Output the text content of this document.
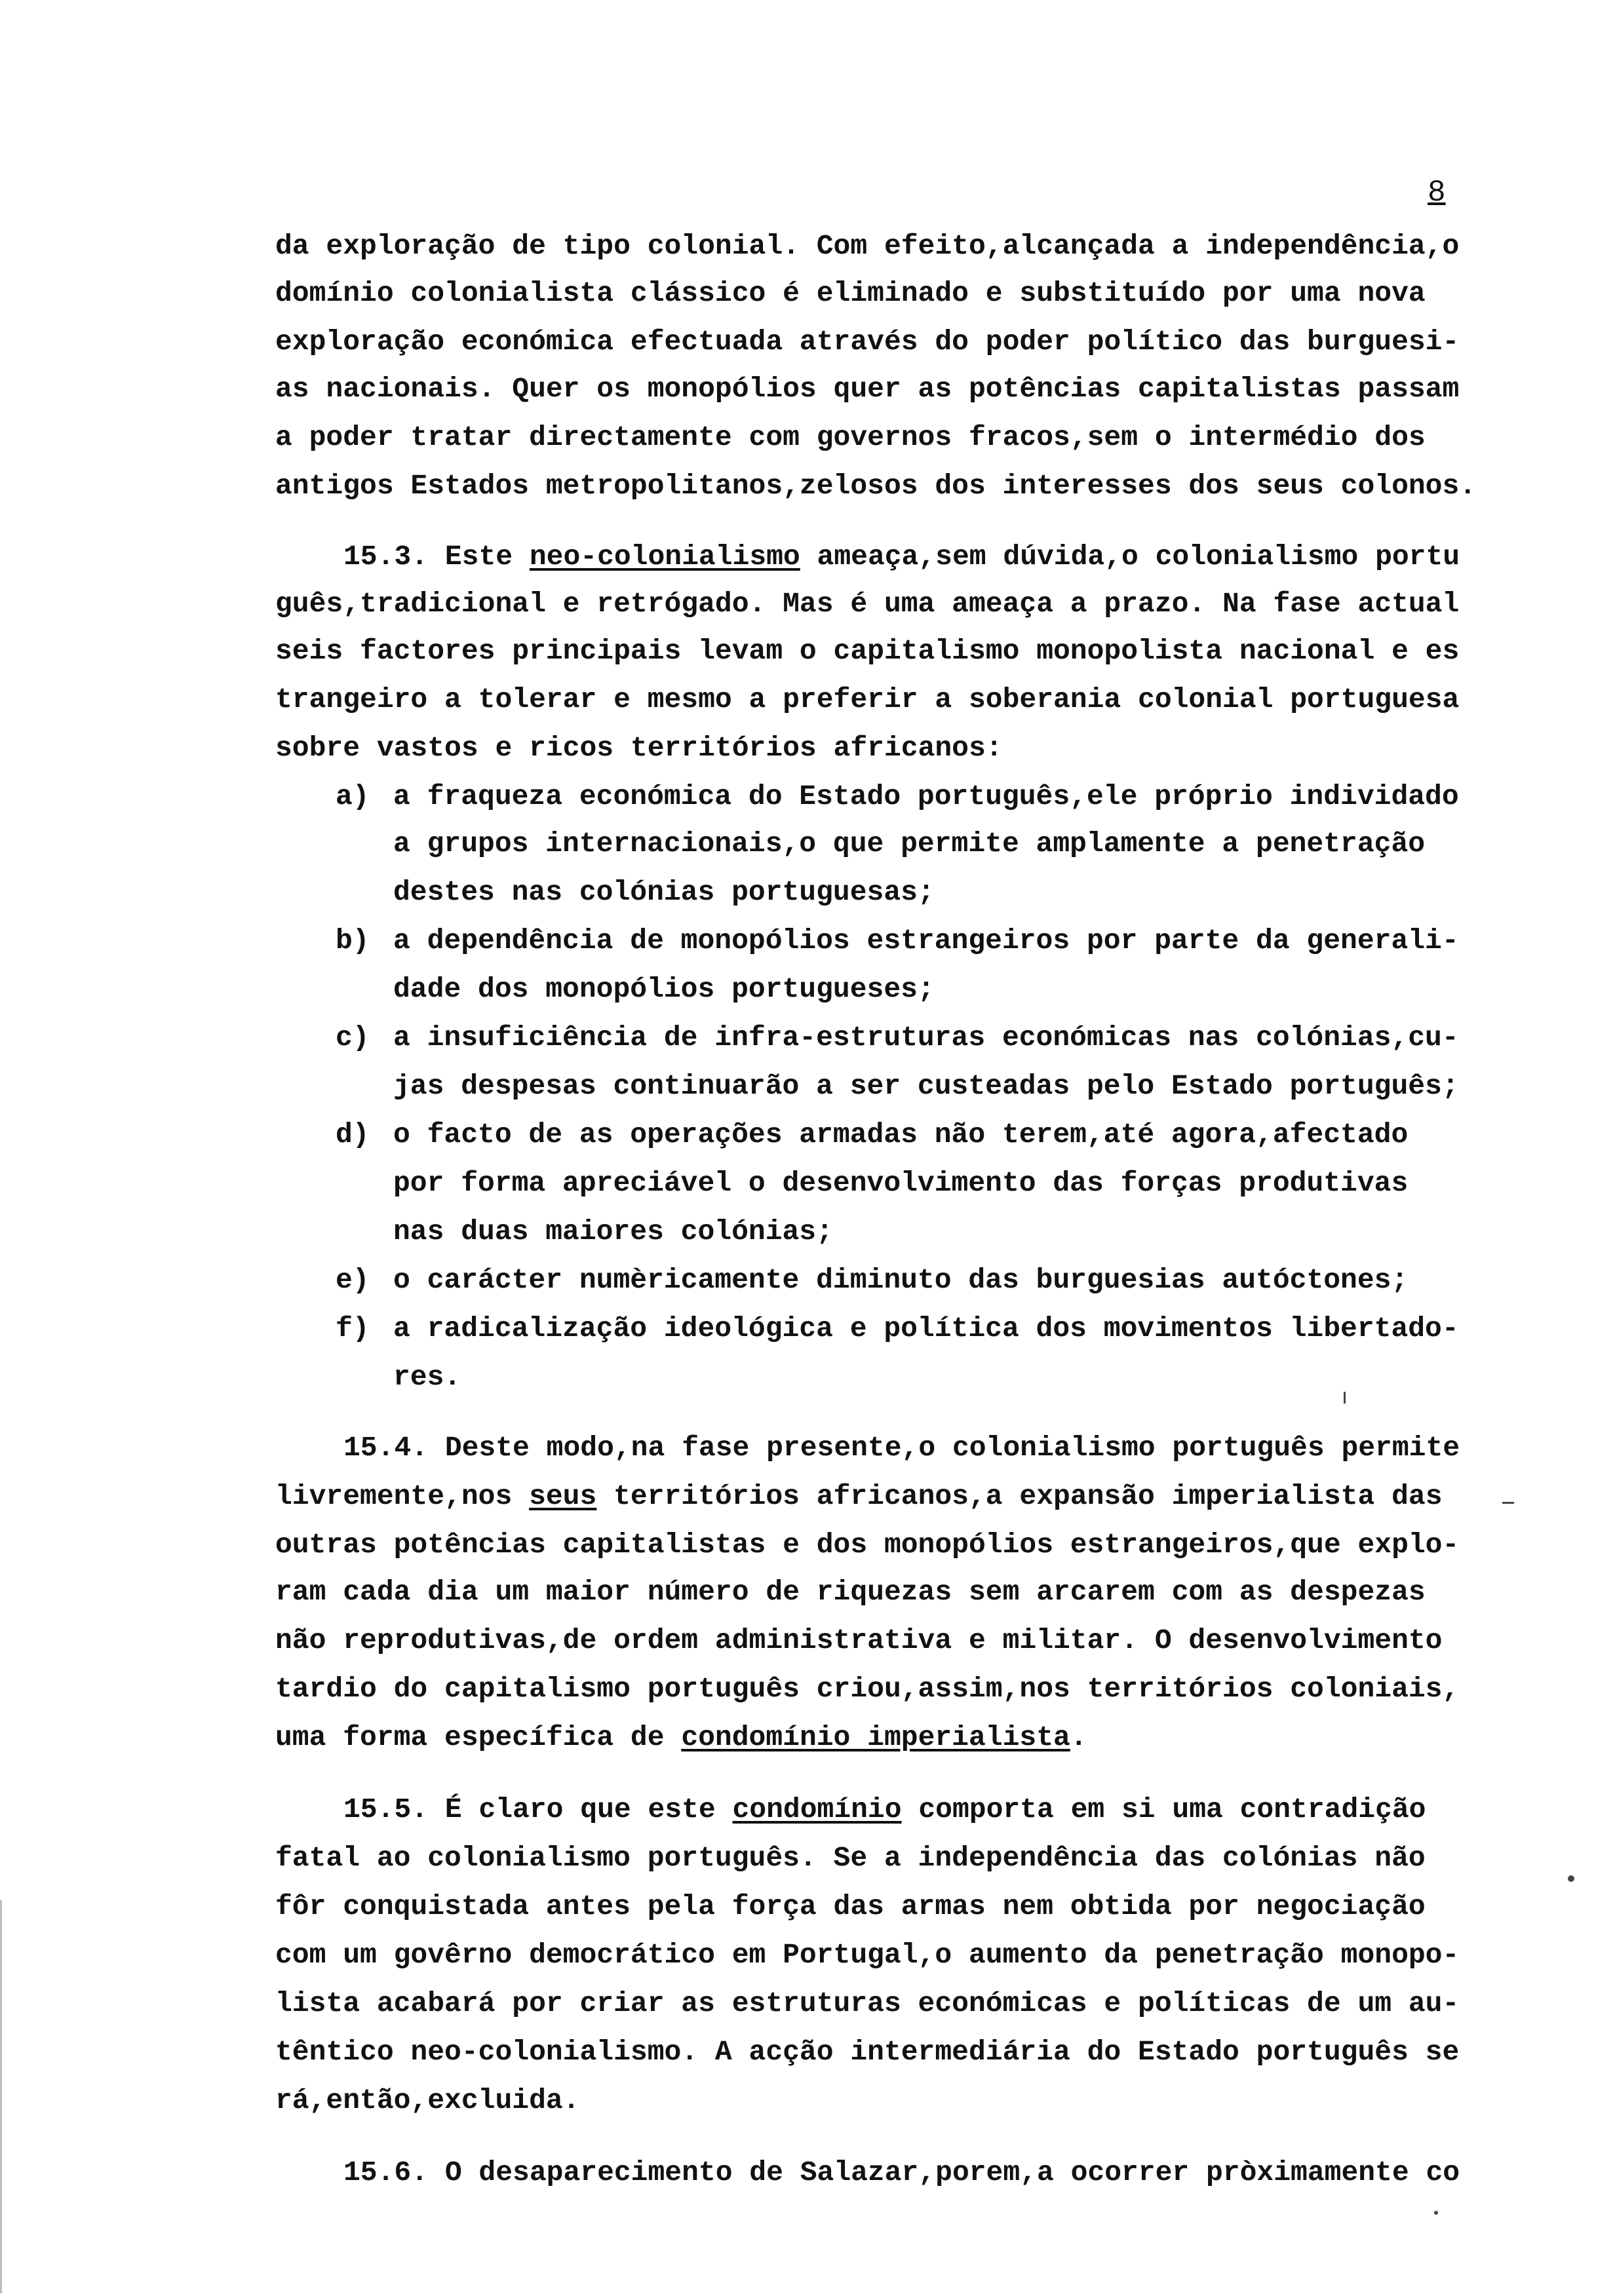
8
da exploração de tipo colonial. Com efeito,alcançada a independência,o
domínio colonialista clássico é eliminado e substituído por uma nova
exploração económica efectuada através do poder político das burguesi-
as nacionais. Quer os monopólios quer as potências capitalistas passam
a poder tratar directamente com governos fracos,sem o intermédio dos
antigos Estados metropolitanos,zelosos dos interesses dos seus colonos.
15.3. Este neo-colonialismo ameaça,sem dúvida,o colonialismo portu
guês,tradicional e retrógado. Mas é uma ameaça a prazo. Na fase actual
seis factores principais levam o capitalismo monopolista nacional e es
trangeiro a tolerar e mesmo a preferir a soberania colonial portuguesa
sobre vastos e ricos territórios africanos:
a) a fraqueza económica do Estado português,ele próprio individado
a grupos internacionais,o que permite amplamente a penetração
destes nas colónias portuguesas;
b) a dependência de monopólios estrangeiros por parte da generali-
dade dos monopólios portugueses;
c) a insuficiência de infra-estruturas económicas nas colónias,cu-
jas despesas continuarão a ser custeadas pelo Estado português;
d) o facto de as operações armadas não terem,até agora,afectado
por forma apreciável o desenvolvimento das forças produtivas
nas duas maiores colónias;
e) o carácter numèricamente diminuto das burguesias autóctones;
f) a radicalização ideológica e política dos movimentos libertado-
res.
15.4. Deste modo,na fase presente,o colonialismo português permite
livremente,nos seus territórios africanos,a expansão imperialista das
outras potências capitalistas e dos monopólios estrangeiros,que explo-
ram cada dia um maior número de riquezas sem arcarem com as despezas
não reprodutivas,de ordem administrativa e militar. O desenvolvimento
tardio do capitalismo português criou,assim,nos territórios coloniais,
uma forma específica de condomínio imperialista.
15.5. É claro que este condomínio comporta em si uma contradição
fatal ao colonialismo português. Se a independência das colónias não
fôr conquistada antes pela força das armas nem obtida por negociação
com um govêrno democrático em Portugal,o aumento da penetração monopo-
lista acabará por criar as estruturas económicas e políticas de um au-
têntico neo-colonialismo. A acção intermediária do Estado português se
rá,então,excluida.
15.6. O desaparecimento de Salazar,porem,a ocorrer pròximamente co
